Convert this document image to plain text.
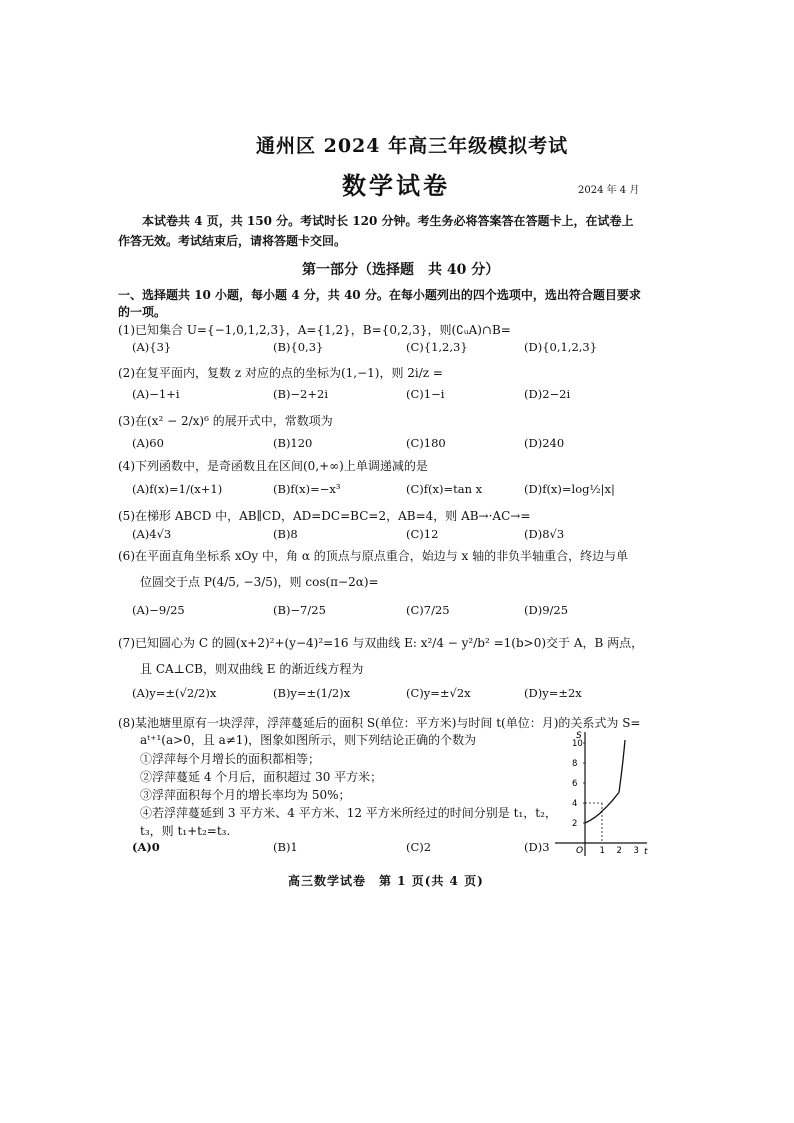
通州区 2024 年高三年级模拟考试
数学试卷	2024 年 4 月
本试卷共 4 页，共 150 分。考试时长 120 分钟。考生务必将答案答在答题卡上，在试卷上
作答无效。考试结束后，请将答题卡交回。
第一部分（选择题　共 40 分）
一、选择题共 10 小题，每小题 4 分，共 40 分。在每小题列出的四个选项中，选出符合题目要求
的一项。
(1)已知集合 U={−1,0,1,2,3}，A={1,2}，B={0,2,3}，则(∁ᵤA)∩B=
(A){3}	(B){0,3}	(C){1,2,3}	(D){0,1,2,3}
(2)在复平面内，复数 z 对应的点的坐标为(1,−1)，则 2i/z =
(A)−1+i	(B)−2+2i	(C)1−i	(D)2−2i
(3)在(x² − 2/x)⁶ 的展开式中，常数项为
(A)60	(B)120	(C)180	(D)240
(4)下列函数中，是奇函数且在区间(0,+∞)上单调递减的是
(A)f(x)=1/(x+1)	(B)f(x)=−x³	(C)f(x)=tan x	(D)f(x)=log½|x|
(5)在梯形 ABCD 中，AB∥CD，AD=DC=BC=2，AB=4，则 AB→·AC→=
(A)4√3	(B)8	(C)12	(D)8√3
(6)在平面直角坐标系 xOy 中，角 α 的顶点与原点重合，始边与 x 轴的非负半轴重合，终边与单
位圆交于点 P(4/5, −3/5)，则 cos(π−2α)=
(A)−9/25	(B)−7/25	(C)7/25	(D)9/25
(7)已知圆心为 C 的圆(x+2)²+(y−4)²=16 与双曲线 E: x²/4 − y²/b² =1(b>0)交于 A，B 两点，
且 CA⊥CB，则双曲线 E 的渐近线方程为
(A)y=±(√2/2)x	(B)y=±(1/2)x	(C)y=±√2x	(D)y=±2x
(8)某池塘里原有一块浮萍，浮萍蔓延后的面积 S(单位：平方米)与时间 t(单位：月)的关系式为 S=
aᵗ⁺¹(a>0，且 a≠1)，图象如图所示，则下列结论正确的个数为
①浮萍每个月增长的面积都相等；
②浮萍蔓延 4 个月后，面积超过 30 平方米；
③浮萍面积每个月的增长率均为 50%；
④若浮萍蔓延到 3 平方米、4 平方米、12 平方米所经过的时间分别是 t₁，t₂，
t₃，则 t₁+t₂=t₃.
(A)0	(B)1	(C)2	(D)3
S
t
O
2
4
6
8
10
1 2 3
高三数学试卷　第 1 页(共 4 页)
